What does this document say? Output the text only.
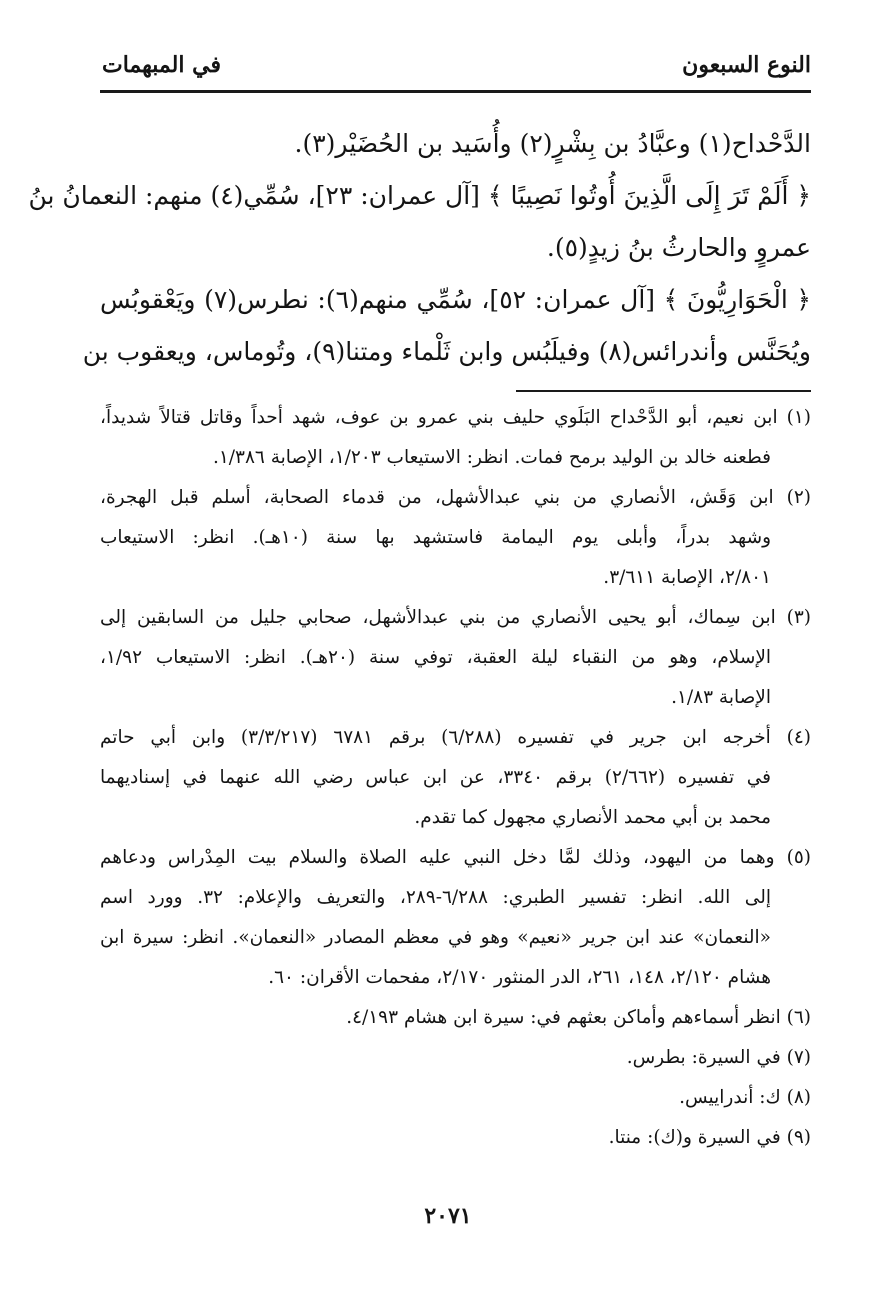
النوع السبعون
في المبهمات
الدَّحْداح(١) وعبَّادُ بن بِشْرٍ(٢) وأُسَيد بن الحُضَيْر(٣).
﴿ أَلَمْ تَرَ إِلَى الَّذِينَ أُوتُوا نَصِيبًا ﴾ [آل عمران: ٢٣]، سُمِّي(٤) منهم: النعمانُ بنُ
عمروٍ والحارثُ بنُ زيدٍ(٥).
﴿ الْحَوَارِيُّونَ ﴾ [آل عمران: ٥٢]، سُمِّي منهم(٦): نطرس(٧) ويَعْقوبُس
ويُحَنَّس وأندرائس(٨) وفيلَبُس وابن ثَلْماء ومتنا(٩)، وتُوماس، ويعقوب بن
(١) ابن نعيم، أبو الدَّحْداح البَلَوي حليف بني عمرو بن عوف، شهد أحداً وقاتل قتالاً شديداً،
فطعنه خالد بن الوليد برمح فمات. انظر: الاستيعاب ١/٢٠٣، الإصابة ١/٣٨٦.
(٢) ابن وَقَش، الأنصاري من بني عبدالأشهل، من قدماء الصحابة، أسلم قبل الهجرة،
وشهد بدراً، وأبلى يوم اليمامة فاستشهد بها سنة (١٠هـ). انظر: الاستيعاب
٢/٨٠١، الإصابة ٣/٦١١.
(٣) ابن سِماك، أبو يحيى الأنصاري من بني عبدالأشهل، صحابي جليل من السابقين إلى
الإسلام، وهو من النقباء ليلة العقبة، توفي سنة (٢٠هـ). انظر: الاستيعاب ١/٩٢،
الإصابة ١/٨٣.
(٤) أخرجه ابن جرير في تفسيره (٦/٢٨٨) برقم ٦٧٨١ (٣/٣/٢١٧) وابن أبي حاتم
في تفسيره (٢/٦٦٢) برقم ٣٣٤٠، عن ابن عباس رضي الله عنهما في إسناديهما
محمد بن أبي محمد الأنصاري مجهول كما تقدم.
(٥) وهما من اليهود، وذلك لمَّا دخل النبي عليه الصلاة والسلام بيت المِدْراس ودعاهم
إلى الله. انظر: تفسير الطبري: ٦/٢٨٨-٢٨٩، والتعريف والإعلام: ٣٢. وورد اسم
«النعمان» عند ابن جرير «نعيم» وهو في معظم المصادر «النعمان». انظر: سيرة ابن
هشام ٢/١٢٠، ١٤٨، ٢٦١، الدر المنثور ٢/١٧٠، مفحمات الأقران: ٦٠.
(٦) انظر أسماءهم وأماكن بعثهم في: سيرة ابن هشام ٤/١٩٣.
(٧) في السيرة: بطرس.
(٨) ك: أندراييس.
(٩) في السيرة و(ك): منتا.
٢٠٧١
